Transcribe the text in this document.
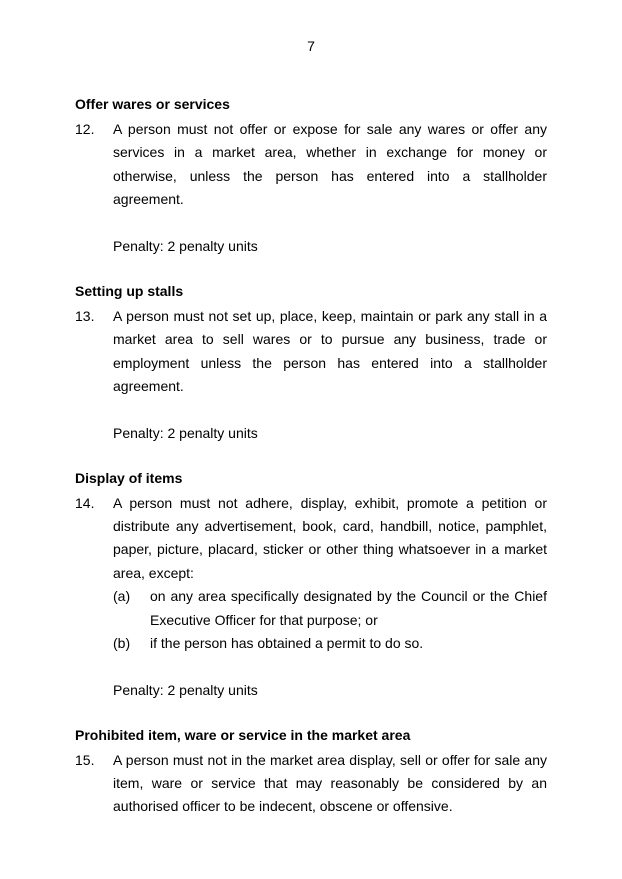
7

Offer wares or services

12. A person must not offer or expose for sale any wares or offer any services in a market area, whether in exchange for money or otherwise, unless the person has entered into a stallholder agreement.

Penalty: 2 penalty units

Setting up stalls

13. A person must not set up, place, keep, maintain or park any stall in a market area to sell wares or to pursue any business, trade or employment unless the person has entered into a stallholder agreement.

Penalty: 2 penalty units

Display of items

14. A person must not adhere, display, exhibit, promote a petition or distribute any advertisement, book, card, handbill, notice, pamphlet, paper, picture, placard, sticker or other thing whatsoever in a market area, except:

(a) on any area specifically designated by the Council or the Chief Executive Officer for that purpose; or

(b) if the person has obtained a permit to do so.

Penalty: 2 penalty units

Prohibited item, ware or service in the market area

15. A person must not in the market area display, sell or offer for sale any item, ware or service that may reasonably be considered by an authorised officer to be indecent, obscene or offensive.
